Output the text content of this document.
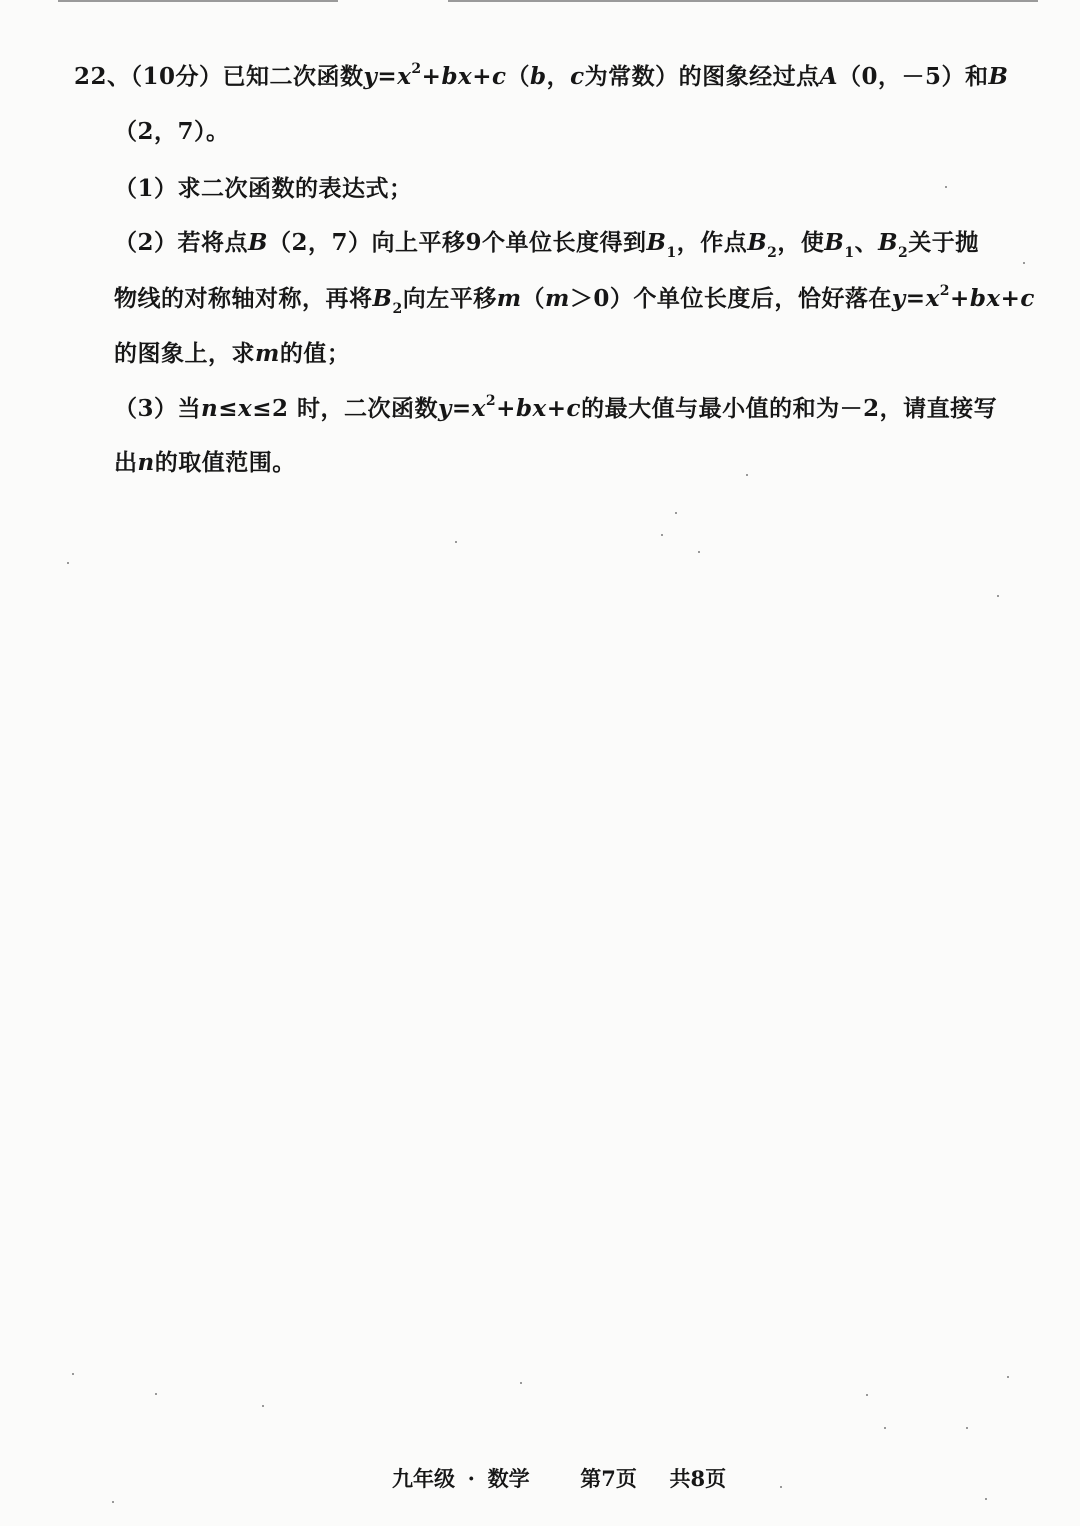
22、（10分）已知二次函数$y=x^2+bx+c(b$，c为常数）的图象经过点A（0，－5）和B
（2，7）。
（1）求二次函数的表达式；
（2）若将点B（2，7）向上平移9个单位长度得到$B_1$，作点$B_2$，使$B_1$、$B_2$关于抛
物线的对称轴对称，再将$B_2$向左平移m（m＞0）个单位长度后，恰好落在$y=x^2+bx+c$
的图象上，求m的值；
（3）当n≤x≤2 时，二次函数$y=x^2+bx+c$的最大值与最小值的和为－2，请直接写
出n的取值范围。
九年级 · 数学 第7页 共8页
